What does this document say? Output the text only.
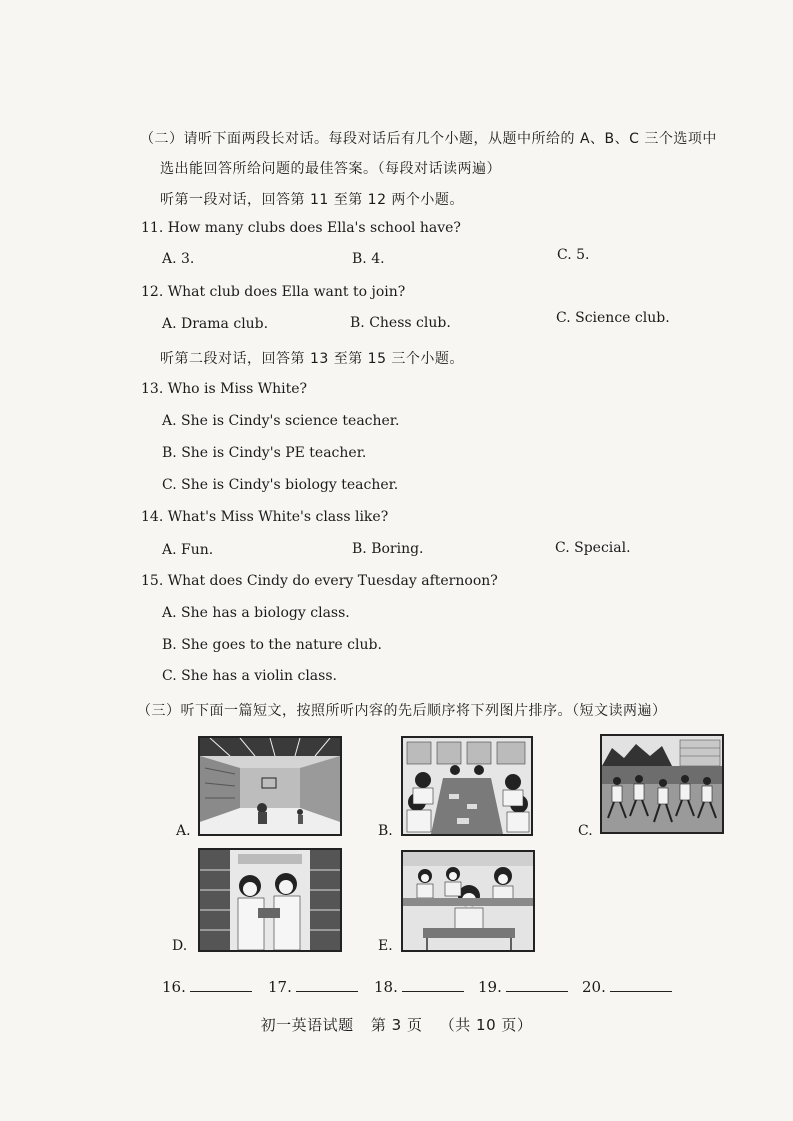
（二）请听下面两段长对话。每段对话后有几个小题，从题中所给的 A、B、C 三个选项中
选出能回答所给问题的最佳答案。（每段对话读两遍）
听第一段对话，回答第 11 至第 12 两个小题。
11. How many clubs does Ella's school have?
A. 3.	B. 4.	C. 5.
12. What club does Ella want to join?
A. Drama club.	B. Chess club.	C. Science club.
听第二段对话，回答第 13 至第 15 三个小题。
13. Who is Miss White?
A. She is Cindy's science teacher.
B. She is Cindy's PE teacher.
C. She is Cindy's biology teacher.
14. What's Miss White's class like?
A. Fun.	B. Boring.	C. Special.
15. What does Cindy do every Tuesday afternoon?
A. She has a biology class.
B. She goes to the nature club.
C. She has a violin class.
（三）听下面一篇短文，按照所听内容的先后顺序将下列图片排序。（短文读两遍）
A.	B.	C.
D.	E.
16.	17.	18.	19.	20.
初一英语试题 第 3 页 （共 10 页）
